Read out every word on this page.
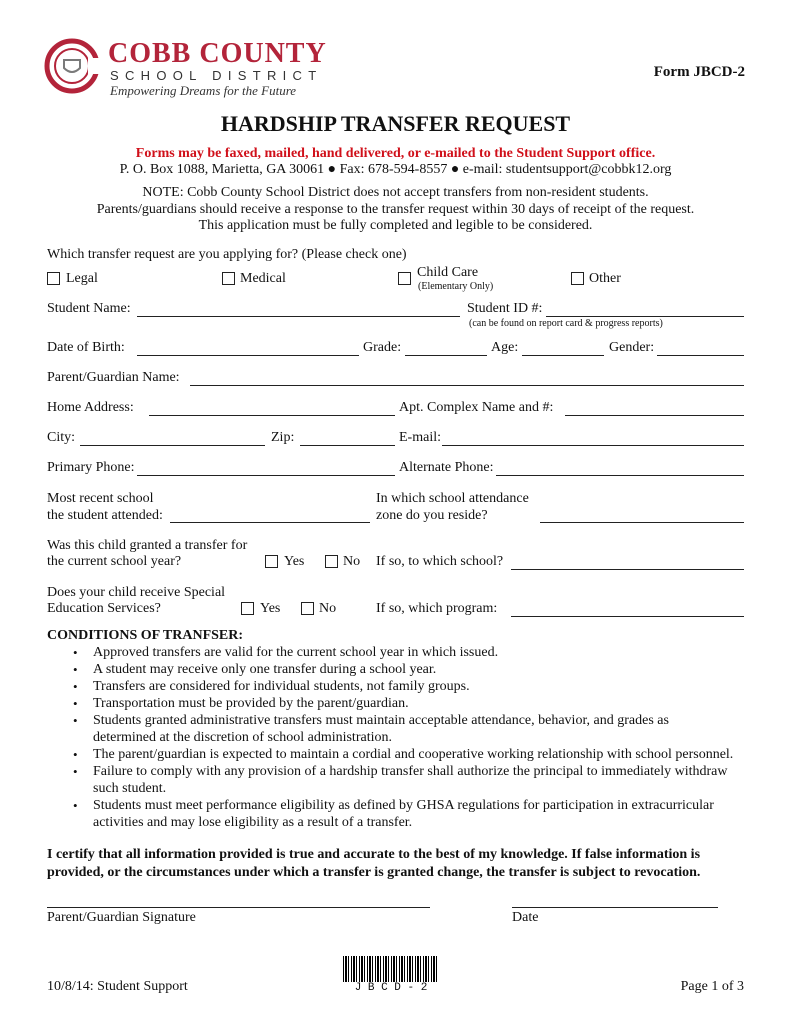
COBB COUNTY
SCHOOL DISTRICT
Empowering Dreams for the Future
Form JBCD-2
HARDSHIP TRANSFER REQUEST
Forms may be faxed, mailed, hand delivered, or e-mailed to the Student Support office.
P. O. Box 1088, Marietta, GA 30061 ● Fax: 678-594-8557 ● e-mail: studentsupport@cobbk12.org
NOTE: Cobb County School District does not accept transfers from non-resident students.
Parents/guardians should receive a response to the transfer request within 30 days of receipt of the request.
This application must be fully completed and legible to be considered.
Which transfer request are you applying for? (Please check one)
Legal	Medical	Child Care
(Elementary Only)
Other
Student Name:	Student ID #:
(can be found on report card & progress reports)
Date of Birth:	Grade:	Age:	Gender:
Parent/Guardian Name:
Home Address:	Apt. Complex Name and #:
City:	Zip:	E-mail:
Primary Phone:	Alternate Phone:
Most recent school
the student attended:
In which school attendance
zone do you reside?
Was this child granted a transfer for
the current school year?	Yes	No If so, to which school?
Does your child receive Special
Education Services?	Yes	No	If so, which program:
CONDITIONS OF TRANFSER:
• Approved transfers are valid for the current school year in which issued.
• A student may receive only one transfer during a school year.
• Transfers are considered for individual students, not family groups.
• Transportation must be provided by the parent/guardian.
• Students granted administrative transfers must maintain acceptable attendance, behavior, and grades as determined at the discretion of school administration.
• The parent/guardian is expected to maintain a cordial and cooperative working relationship with school personnel.
• Failure to comply with any provision of a hardship transfer shall authorize the principal to immediately withdraw such student.
• Students must meet performance eligibility as defined by GHSA regulations for participation in extracurricular activities and may lose eligibility as a result of a transfer.
I certify that all information provided is true and accurate to the best of my knowledge. If false information is provided, or the circumstances under which a transfer is granted change, the transfer is subject to revocation.
Parent/Guardian Signature	Date
10/8/14: Student Support	J B C D - 2	Page 1 of 3
